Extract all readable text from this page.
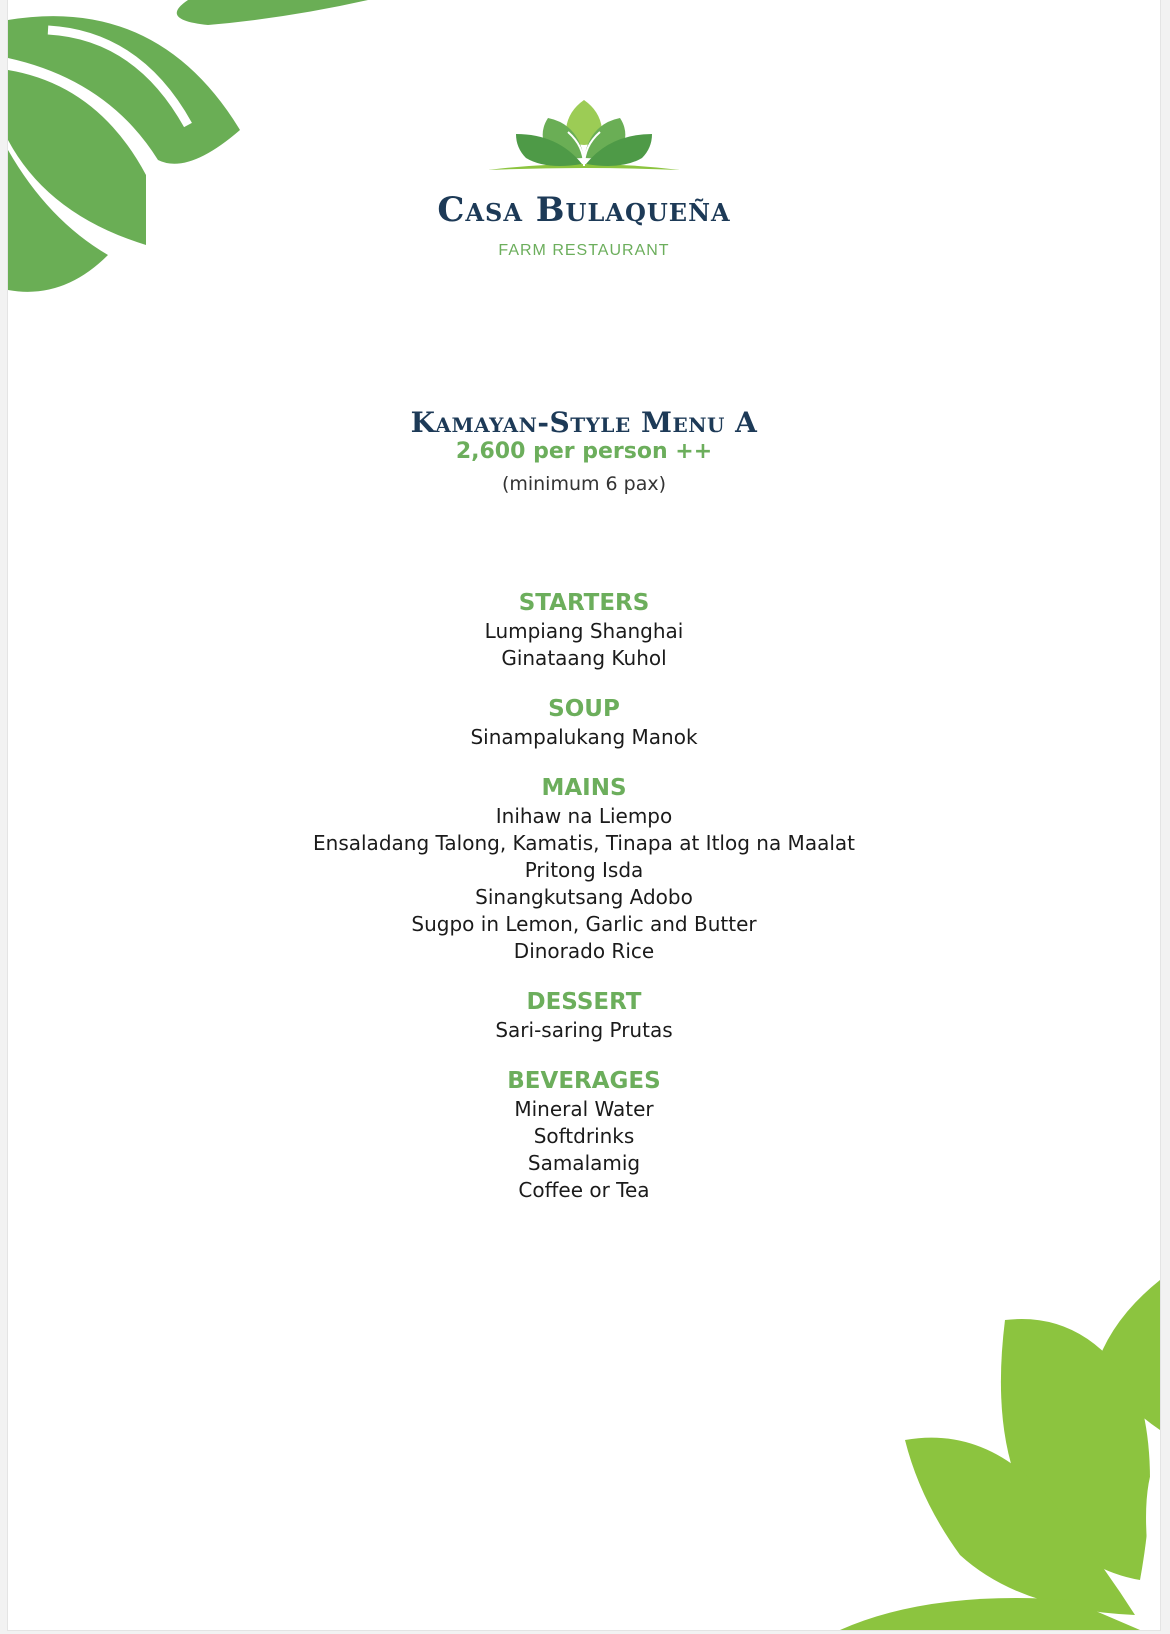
Casa Bulaqueña
FARM RESTAURANT
Kamayan-Style Menu A
2,600 per person ++
(minimum 6 pax)
STARTERS
Lumpiang Shanghai
Ginataang Kuhol
SOUP
Sinampalukang Manok
MAINS
Inihaw na Liempo
Ensaladang Talong, Kamatis, Tinapa at Itlog na Maalat
Pritong Isda
Sinangkutsang Adobo
Sugpo in Lemon, Garlic and Butter
Dinorado Rice
DESSERT
Sari-saring Prutas
BEVERAGES
Mineral Water
Softdrinks
Samalamig
Coffee or Tea
